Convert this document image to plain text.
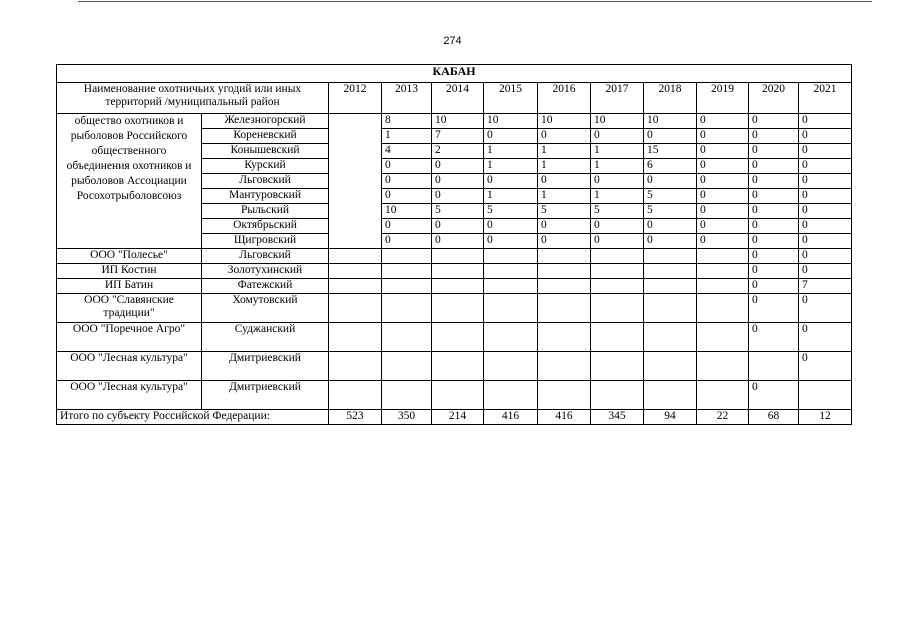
274
КАБАН											
Наименование охотничьих угодий или иных территорий /муниципальный район		2012	2013	2014	2015	2016	2017	2018	2019	2020	2021
общество охотников и рыболовов Российского общественного объединения охотников и рыболовов Ассоциации Росохотрыболовсоюз	Железногорский		8	10	10	10	10	10	0	0	0
	Кореневский		1	7	0	0	0	0	0	0	0
	Конышевский		4	2	1	1	1	15	0	0	0
	Курский		0	0	1	1	1	6	0	0	0
	Льговский		0	0	0	0	0	0	0	0	0
	Мантуровский		0	0	1	1	1	5	0	0	0
	Рыльский		10	5	5	5	5	5	0	0	0
	Октябрьский		0	0	0	0	0	0	0	0	0
	Щигровский		0	0	0	0	0	0	0	0	0
ООО "Полесье"	Льговский									0	0
ИП Костин	Золотухинский									0	0
ИП Батин	Фатежский									0	7
ООО "Славянские традиции"	Хомутовский									0	0
ООО "Поречное Агро"	Суджанский									0	0
ООО "Лесная культура"	Дмитриевский										0
ООО "Лесная культура"	Дмитриевский									0	
Итого по субъекту Российской Федерации:		523	350	214	416	416	345	94	22	68	12
